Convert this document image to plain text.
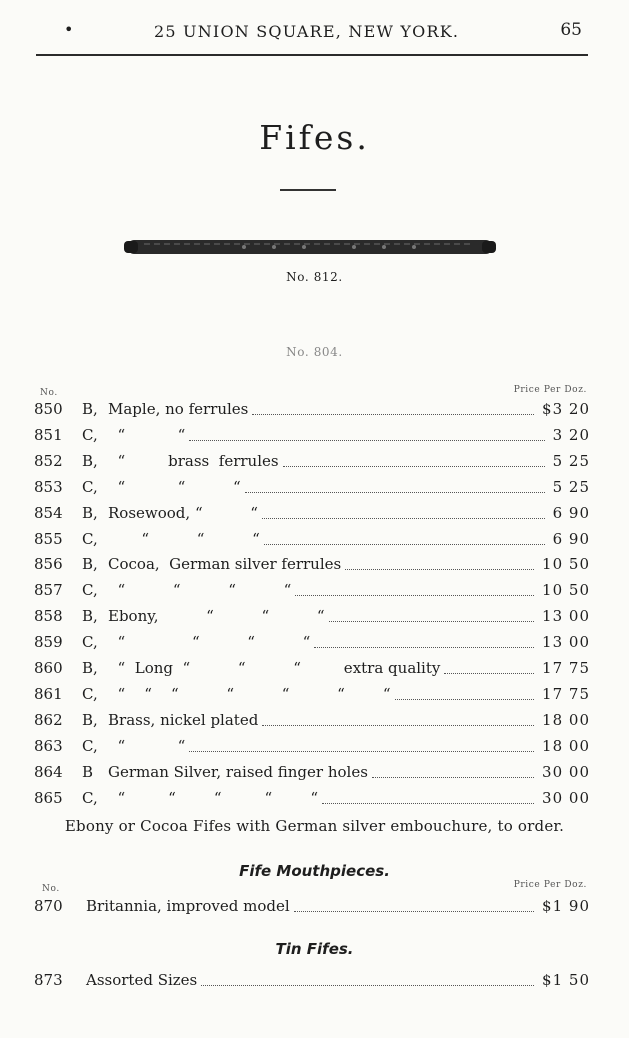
•	25 UNION SQUARE, NEW YORK.	65
Fifes.
No. 812.
No. 804.
No.	Price Per Doz.
850	B, Maple, no ferrules	$3 20
851	C, “           “	3 20
852	B, “         brass  ferrules	5 25
853	C, “           “          “	5 25
854	B, Rosewood, “          “	6 90
855	C, “          “          “	6 90
856	B, Cocoa,  German silver ferrules	10 50
857	C, “          “          “          “	10 50
858	B, Ebony,          “          “          “	13 00
859	C, “              “          “          “	13 00
860	B, “  Long  “          “          “         extra quality	17 75
861	C, “    “    “          “          “          “        “	17 75
862	B, Brass, nickel plated	18 00
863	C, “           “	18 00
864	B German Silver, raised finger holes	30 00
865	C, “         “        “         “        “	30 00
Ebony or Cocoa Fifes with German silver embouchure, to order.
Fife Mouthpieces.
No.	Price Per Doz.
870	Britannia, improved model	$1 90
Tin Fifes.
873	Assorted Sizes	$1 50
